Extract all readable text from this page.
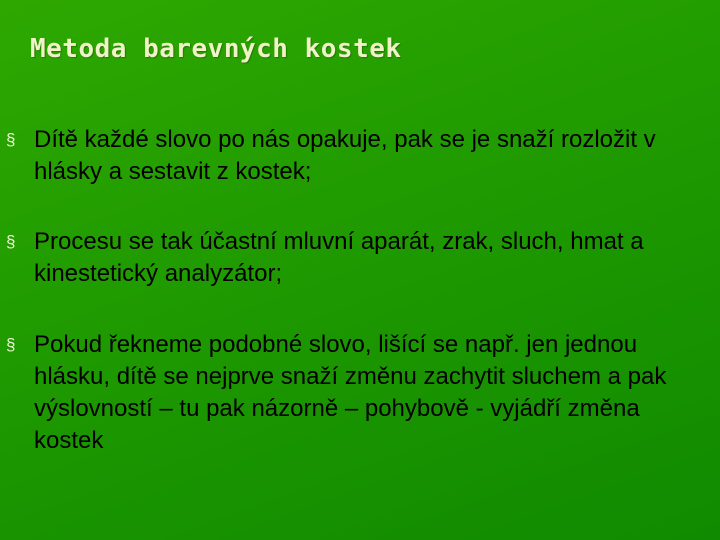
Metoda barevných kostek
§ Dítě každé slovo po nás opakuje, pak se je snaží rozložit v hlásky a sestavit z kostek;
§ Procesu se tak účastní mluvní aparát, zrak, sluch, hmat a kinestetický analyzátor;
§ Pokud řekneme podobné slovo, lišící se např. jen jednou hlásku, dítě se nejprve snaží změnu zachytit sluchem a pak výslovností – tu pak názorně – pohybově - vyjádří změna kostek
